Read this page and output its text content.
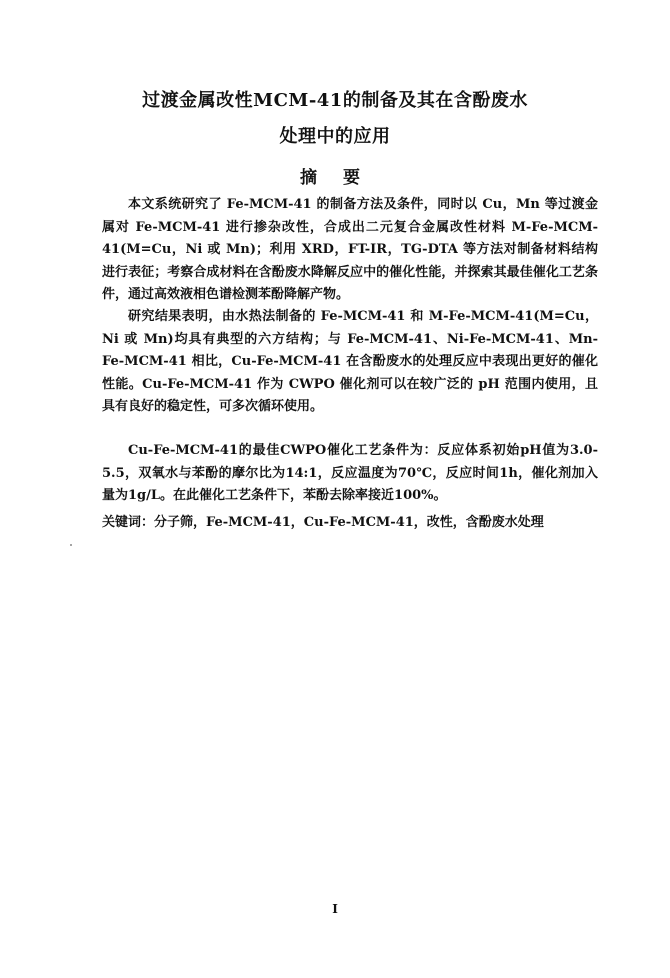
过渡金属改性MCM-41的制备及其在含酚废水
处理中的应用
摘 要

本文系统研究了 Fe-MCM-41 的制备方法及条件，同时以 Cu，Mn 等过渡金属对 Fe-MCM-41 进行掺杂改性，合成出二元复合金属改性材料 M-Fe-MCM-41(M=Cu，Ni 或 Mn)；利用 XRD，FT-IR，TG-DTA 等方法对制备材料结构进行表征；考察合成材料在含酚废水降解反应中的催化性能，并探索其最佳催化工艺条件，通过高效液相色谱检测苯酚降解产物。

研究结果表明，由水热法制备的 Fe-MCM-41 和 M-Fe-MCM-41(M=Cu，Ni 或 Mn)均具有典型的六方结构；与 Fe-MCM-41、Ni-Fe-MCM-41、Mn-Fe-MCM-41 相比，Cu-Fe-MCM-41 在含酚废水的处理反应中表现出更好的催化性能。Cu-Fe-MCM-41 作为 CWPO 催化剂可以在较广泛的 pH 范围内使用，且具有良好的稳定性，可多次循环使用。

Cu-Fe-MCM-41的最佳CWPO催化工艺条件为：反应体系初始pH值为3.0-5.5，双氧水与苯酚的摩尔比为14:1，反应温度为70℃，反应时间1h，催化剂加入量为1g/L。在此催化工艺条件下，苯酚去除率接近100%。

关键词：分子筛，Fe-MCM-41，Cu-Fe-MCM-41，改性，含酚废水处理
I
